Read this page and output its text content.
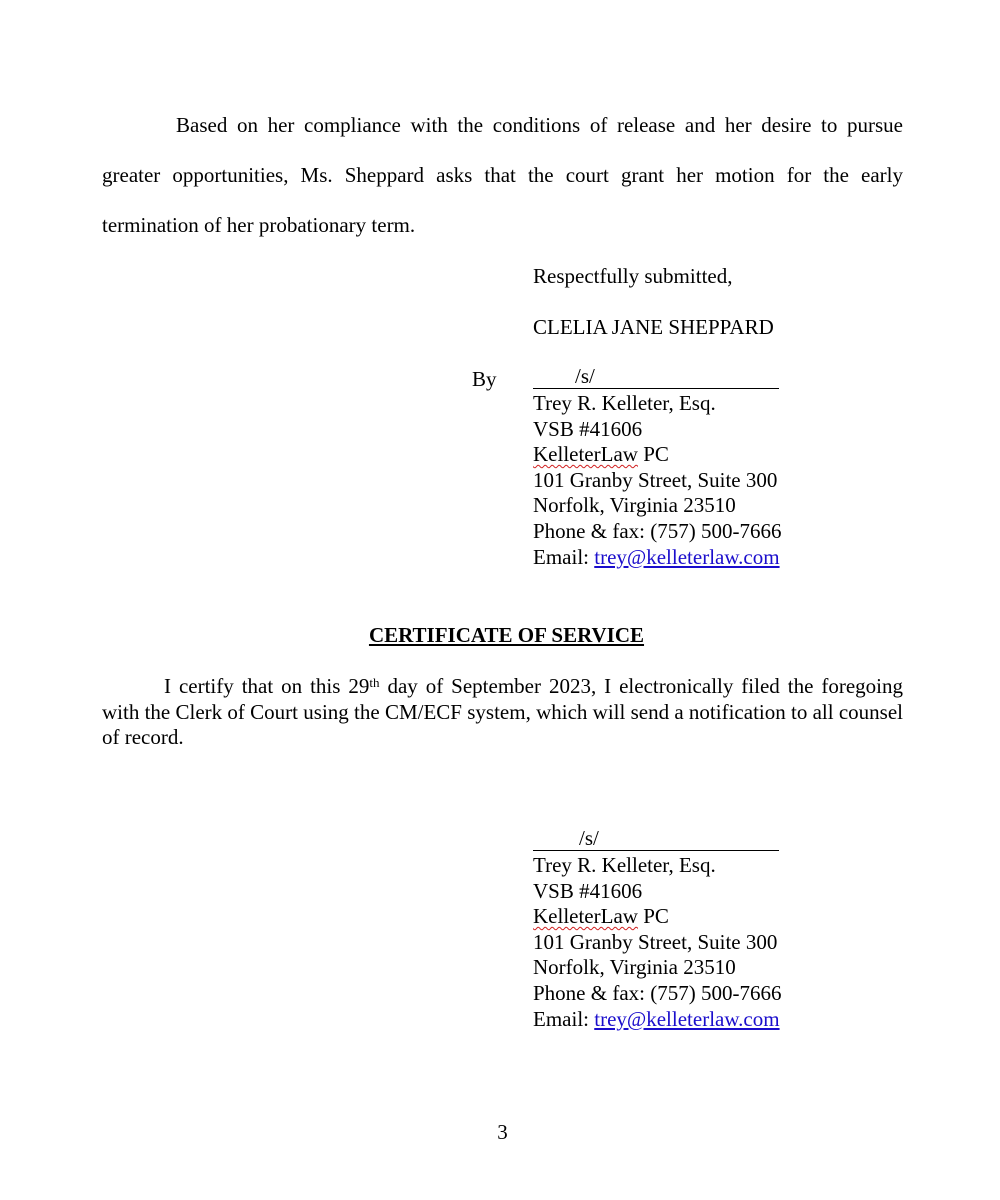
Based on her compliance with the conditions of release and her desire to pursue greater opportunities, Ms. Sheppard asks that the court grant her motion for the early termination of her probationary term.

Respectfully submitted,
CLELIA JANE SHEPPARD
By	/s/
Trey R. Kelleter, Esq.
VSB #41606
KelleterLaw PC
101 Granby Street, Suite 300
Norfolk, Virginia 23510
Phone & fax: (757) 500-7666
Email: trey@kelleterlaw.com
CERTIFICATE OF SERVICE

I certify that on this 29th day of September 2023, I electronically filed the foregoing with the Clerk of Court using the CM/ECF system, which will send a notification to all counsel of record.

/s/
Trey R. Kelleter, Esq.
VSB #41606
KelleterLaw PC
101 Granby Street, Suite 300
Norfolk, Virginia 23510
Phone & fax: (757) 500-7666
Email: trey@kelleterlaw.com
3
